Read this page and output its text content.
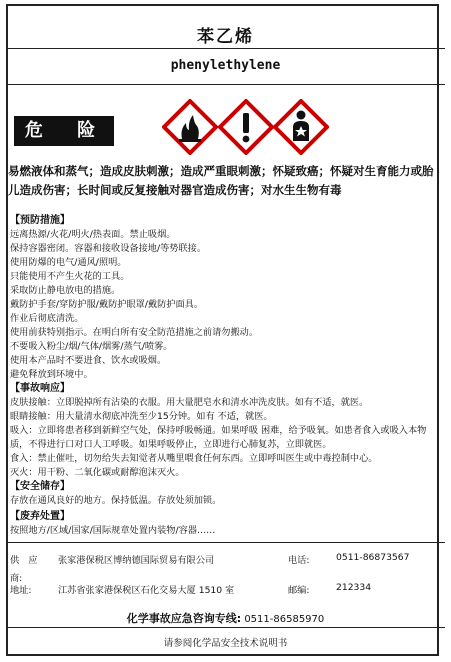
苯乙烯
phenylethylene
危 险
易燃液体和蒸气；造成皮肤刺激；造成严重眼刺激；怀疑致癌；怀疑对生育能力或胎儿造成伤害；长时间或反复接触对器官造成伤害；对水生生物有毒
【预防措施】
远离热源/火花/明火/热表面。禁止吸烟。
保持容器密闭。容器和接收设备接地/等势联接。
使用防爆的电气/通风/照明。
只能使用不产生火花的工具。
采取防止静电放电的措施。
戴防护手套/穿防护服/戴防护眼罩/戴防护面具。
作业后彻底清洗。
使用前获特别指示。在明白所有安全防范措施之前请勿搬动。
不要吸入粉尘/烟/气体/烟雾/蒸气/喷雾。
使用本产品时不要进食、饮水或吸烟。
避免释放到环境中。
【事故响应】
皮肤接触：立即脱掉所有沾染的衣服。用大量肥皂水和清水冲洗皮肤。如有不适，就医。
眼睛接触：用大量清水彻底冲洗至少15分钟。如有 不适，就医。
吸入：立即将患者移到新鲜空气处，保持呼吸畅通。如果呼吸 困难，给予吸氧。如患者食入或吸入本物质，不得进行口对口人工呼吸。如果呼吸停止，立即进行心肺复苏，立即就医。
食入：禁止催吐，切勿给失去知觉者从嘴里喂食任何东西。立即呼叫医生或中毒控制中心。
灭火：用干粉、二氧化碳或耐醇泡沫灭火。
【安全储存】
存放在通风良好的地方。保持低温。存放处须加锁。
【废弃处置】
按照地方/区域/国家/国际规章处置内装物/容器……
供　应　商:
张家港保税区博纳德国际贸易有限公司	电话:	0511-86873567
地址:	江苏省张家港保税区石化交易大厦 1510 室	邮编:	212334
化学事故应急咨询专线: 0511-86585970
请参阅化学品安全技术说明书
